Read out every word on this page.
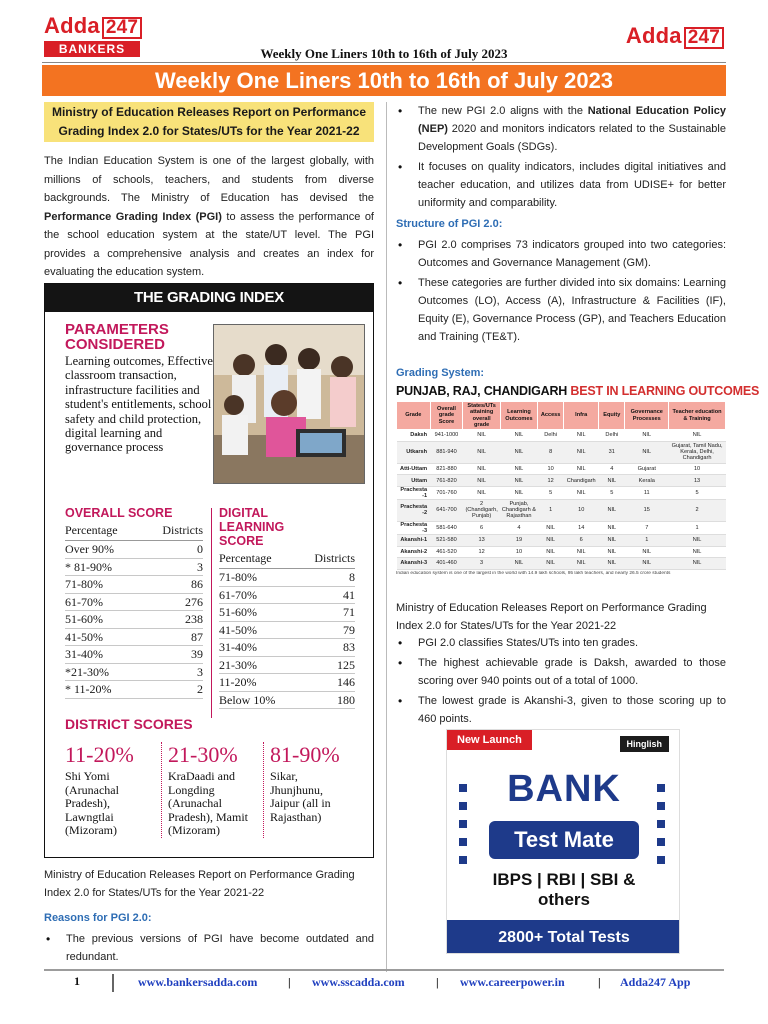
Adda 247
BANKERS	Weekly One Liners 10th to 16th of July 2023
Adda 247
Weekly One Liners 10th to 16th of July 2023
Ministry of Education Releases Report on Performance Grading Index 2.0 for States/UTs for the Year 2021-22

The Indian Education System is one of the largest globally, with millions of schools, teachers, and students from diverse backgrounds. The Ministry of Education has devised the Performance Grading Index (PGI) to assess the performance of the school education system at the state/UT level. The PGI provides a comprehensive analysis and creates an index for evaluating the education system.

THE GRADING INDEX
PARAMETERS CONSIDERED
Learning outcomes, Effective classroom transaction, infrastructure facilities and student's entitlements, school safety and child protection, digital learning and governance process
OVERALL SCORE
Percentage	Districts
Over 90%	0
* 81-90%	3
71-80%	86
61-70%	276
51-60%	238
41-50%	87
31-40%	39
*21-30%	3
* 11-20%	2
DIGITAL LEARNING SCORE
Percentage	Districts
71-80%	8
61-70%	41
51-60%	71
41-50%	79
31-40%	83
21-30%	125
11-20%	146
Below 10%	180
DISTRICT SCORES
11-20%
Shi Yomi (Arunachal Pradesh), Lawngtlai (Mizoram)
21-30%
KraDaadi and Longding (Arunachal Pradesh), Mamit (Mizoram)
81-90%
Sikar, Jhunjhunu, Jaipur (all in Rajasthan)
Ministry of Education Releases Report on Performance Grading Index 2.0 for States/UTs for the Year 2021-22
Reasons for PGI 2.0:
• The previous versions of PGI have become outdated and redundant.
• The new PGI 2.0 aligns with the National Education Policy (NEP) 2020 and monitors indicators related to the Sustainable Development Goals (SDGs).
• It focuses on quality indicators, includes digital initiatives and teacher education, and utilizes data from UDISE+ for better uniformity and comparability.
Structure of PGI 2.0:
• PGI 2.0 comprises 73 indicators grouped into two categories: Outcomes and Governance Management (GM).
• These categories are further divided into six domains: Learning Outcomes (LO), Access (A), Infrastructure & Facilities (IF), Equity (E), Governance Process (GP), and Teachers Education and Training (TE&T).
Grading System:
PUNJAB, RAJ, CHANDIGARH BEST IN LEARNING OUTCOMES
Grade	Overall grade Score	States/UTs attaining overall grade	Learning Outcomes	Access	Infra	Equity	Governance Processes	Teacher education & Training
Daksh	941-1000	NIL	NIL	Delhi	NIL	Delhi	NIL	NIL
Utkarsh	881-940	NIL	NIL	8	NIL	31	NIL	Gujarat, Tamil Nadu, Kerala, Delhi, Chandigarh
Atti-Uttam	821-880	NIL	NIL	10	NIL	4	Gujarat	10
Uttam	761-820	NIL	NIL	12	Chandigarh	NIL	Kerala	13
Prachesta -1	701-760	NIL	NIL	5	NIL	5	11	5
Prachesta -2	641-700	2 (Chandigarh, Punjab)	Punjab, Chandigarh & Rajasthan	1	10	NIL	15	2
Prachesta -3	581-640	6	4	NIL	14	NIL	7	1
Akanshi-1	521-580	13	19	NIL	6	NIL	1	NIL
Akanshi-2	461-520	12	10	NIL	NIL	NIL	NIL	NIL
Akanshi-3	401-460	3	NIL	NIL	NIL	NIL	NIL	NIL
Indian education system is one of the largest in the world with 14.9 lakh schools, 95 lakh teachers, and nearly 26.5 crore students
Ministry of Education Releases Report on Performance Grading Index 2.0 for States/UTs for the Year 2021-22
• PGI 2.0 classifies States/UTs into ten grades.
• The highest achievable grade is Daksh, awarded to those scoring over 940 points out of a total of 1000.
• The lowest grade is Akanshi-3, given to those scoring up to 460 points.
New Launch	Hinglish
BANK
Test Mate
IBPS | RBI | SBI & others
2800+ Total Tests
1	www.bankersadda.com	| www.sscadda.com	| www.careerpower.in	| Adda247 App
